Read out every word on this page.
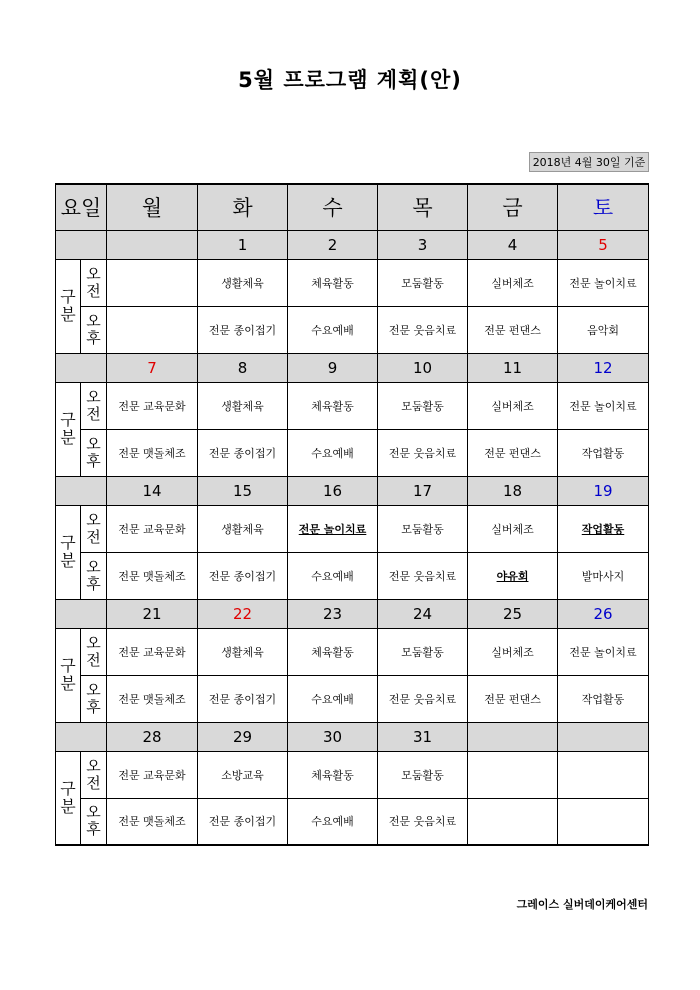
5월 프로그램 계획(안)
2018년 4월 30일 기준
요일		월	화	수	목	금	토
			1	2	3	4	5
구분	오전		생활체육	체육활동	모둠활동	실버체조	전문 놀이치료
	오후		전문 종이접기	수요예배	전문 웃음치료	전문 펀댄스	음악회
		7	8	9	10	11	12
구분	오전	전문 교육문화	생활체육	체육활동	모둠활동	실버체조	전문 놀이치료
	오후	전문 맷돌체조	전문 종이접기	수요예배	전문 웃음치료	전문 펀댄스	작업활동
		14	15	16	17	18	19
구분	오전	전문 교육문화	생활체육	전문 놀이치료	모둠활동	실버체조	작업활동
	오후	전문 맷돌체조	전문 종이접기	수요예배	전문 웃음치료	야유회	발마사지
		21	22	23	24	25	26
구분	오전	전문 교육문화	생활체육	체육활동	모둠활동	실버체조	전문 놀이치료
	오후	전문 맷돌체조	전문 종이접기	수요예배	전문 웃음치료	전문 펀댄스	작업활동
		28	29	30	31		
구분	오전	전문 교육문화	소방교육	체육활동	모둠활동		
	오후	전문 맷돌체조	전문 종이접기	수요예배	전문 웃음치료		
그레이스 실버데이케어센터
